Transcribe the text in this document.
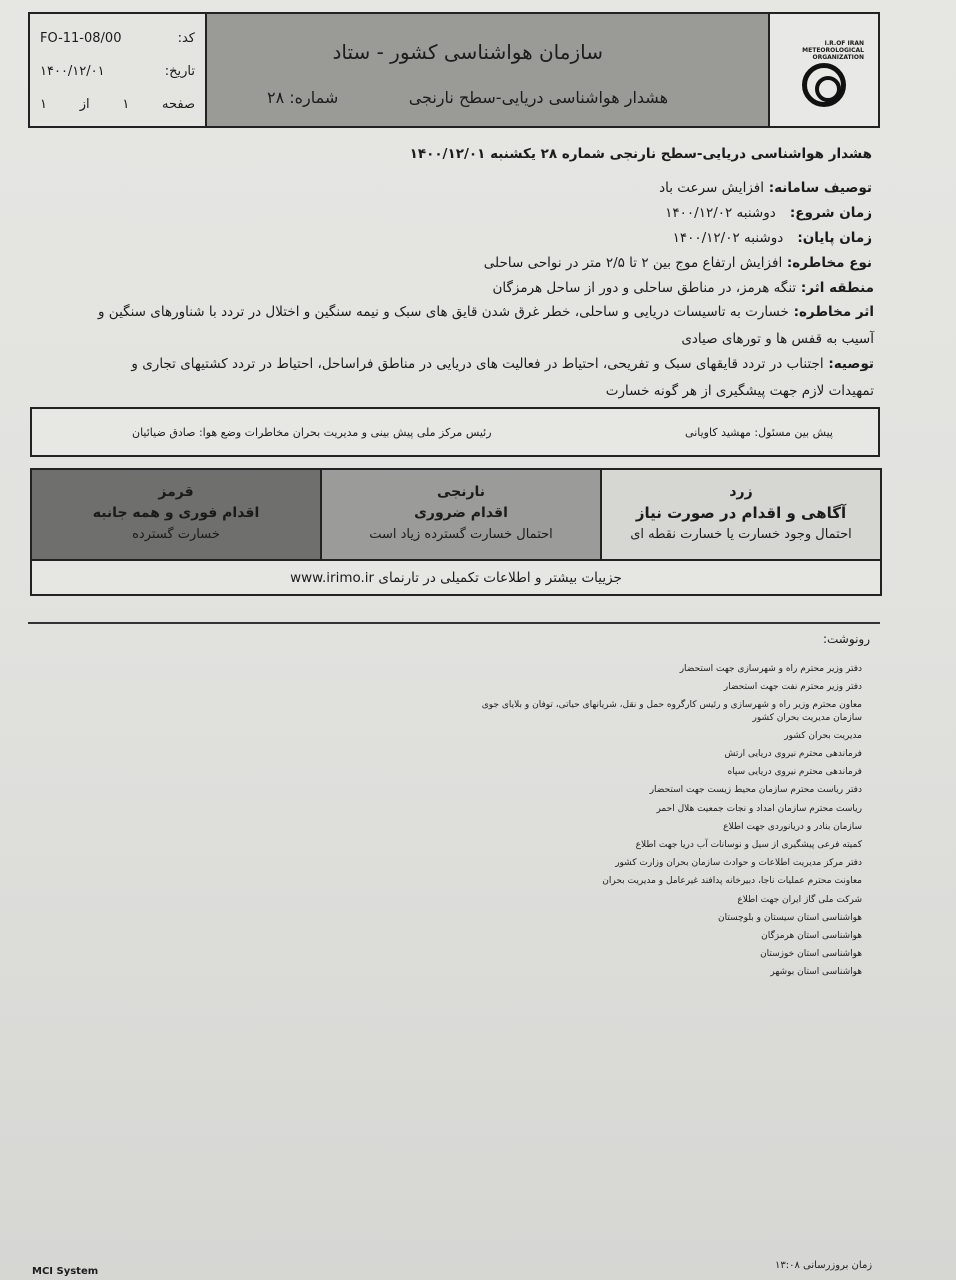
کد:
FO-11-08/00
تاریخ:
۱۴۰۰/۱۲/۰۱
صفحه
۱
از
۱
سازمان هواشناسی کشور - ستاد
هشدار هواشناسی دریایی-سطح نارنجی
شماره: ۲۸
I.R.OF IRAN
METEOROLOGICAL
ORGANIZATION
هشدار هواشناسی دریایی-سطح نارنجی شماره ۲۸ یکشنبه ۱۴۰۰/۱۲/۰۱
توصیف سامانه: افزایش سرعت باد
زمان شروع:   دوشنبه ۱۴۰۰/۱۲/۰۲
زمان پایان:   دوشنبه ۱۴۰۰/۱۲/۰۲
نوع مخاطره: افزایش ارتفاع موج بین ۲ تا ۲/۵ متر در نواحی ساحلی
منطقه اثر: تنگه هرمز، در مناطق ساحلی و دور از ساحل هرمزگان
اثر مخاطره: خسارت به تاسیسات دریایی و ساحلی، خطر غرق شدن قایق های سبک و نیمه سنگین و اختلال در تردد با شناورهای سنگین و
آسیب به قفس ها و تورهای صیادی
توصیه: اجتناب در تردد قایقهای سبک و تفریحی، احتیاط در فعالیت های دریایی در مناطق فراساحل، احتیاط در تردد کشتیهای تجاری و
تمهیدات لازم جهت پیشگیری از هر گونه خسارت
پیش بین مسئول: مهشید کاویانی
رئیس مرکز ملی پیش بینی و مدیریت بحران مخاطرات وضع هوا: صادق ضیائیان
قرمز
اقدام فوری و همه جانبه
خسارت گسترده
نارنجی
اقدام ضروری
احتمال خسارت گسترده زیاد است
زرد
آگاهی و اقدام در صورت نیاز
احتمال وجود خسارت یا خسارت نقطه ای
جزییات بیشتر و اطلاعات تکمیلی در تارنمای www.irimo.ir
رونوشت:
دفتر وزیر محترم راه و شهرسازی جهت استحضار
دفتر وزیر محترم نفت جهت استحضار
معاون محترم وزیر راه و شهرسازی و رئیس کارگروه حمل و نقل، شریانهای حیاتی، توفان و بلایای جوی
سازمان مدیریت بحران کشور
مدیریت بحران کشور
فرماندهی محترم نیروی دریایی ارتش
فرماندهی محترم نیروی دریایی سپاه
دفتر ریاست محترم سازمان محیط زیست جهت استحضار
ریاست محترم سازمان امداد و نجات جمعیت هلال احمر
سازمان بنادر و دریانوردی جهت اطلاع
کمیته فرعی پیشگیری از سیل و نوسانات آب دریا جهت اطلاع
دفتر مرکز مدیریت اطلاعات و حوادث سازمان بحران وزارت کشور
معاونت محترم عملیات ناجا، دبیرخانه پدافند غیرعامل و مدیریت بحران
شرکت ملی گاز ایران جهت اطلاع
هواشناسی استان سیستان و بلوچستان
هواشناسی استان هرمزگان
هواشناسی استان خوزستان
هواشناسی استان بوشهر
MCI System
زمان بروزرسانی ۱۳:۰۸
